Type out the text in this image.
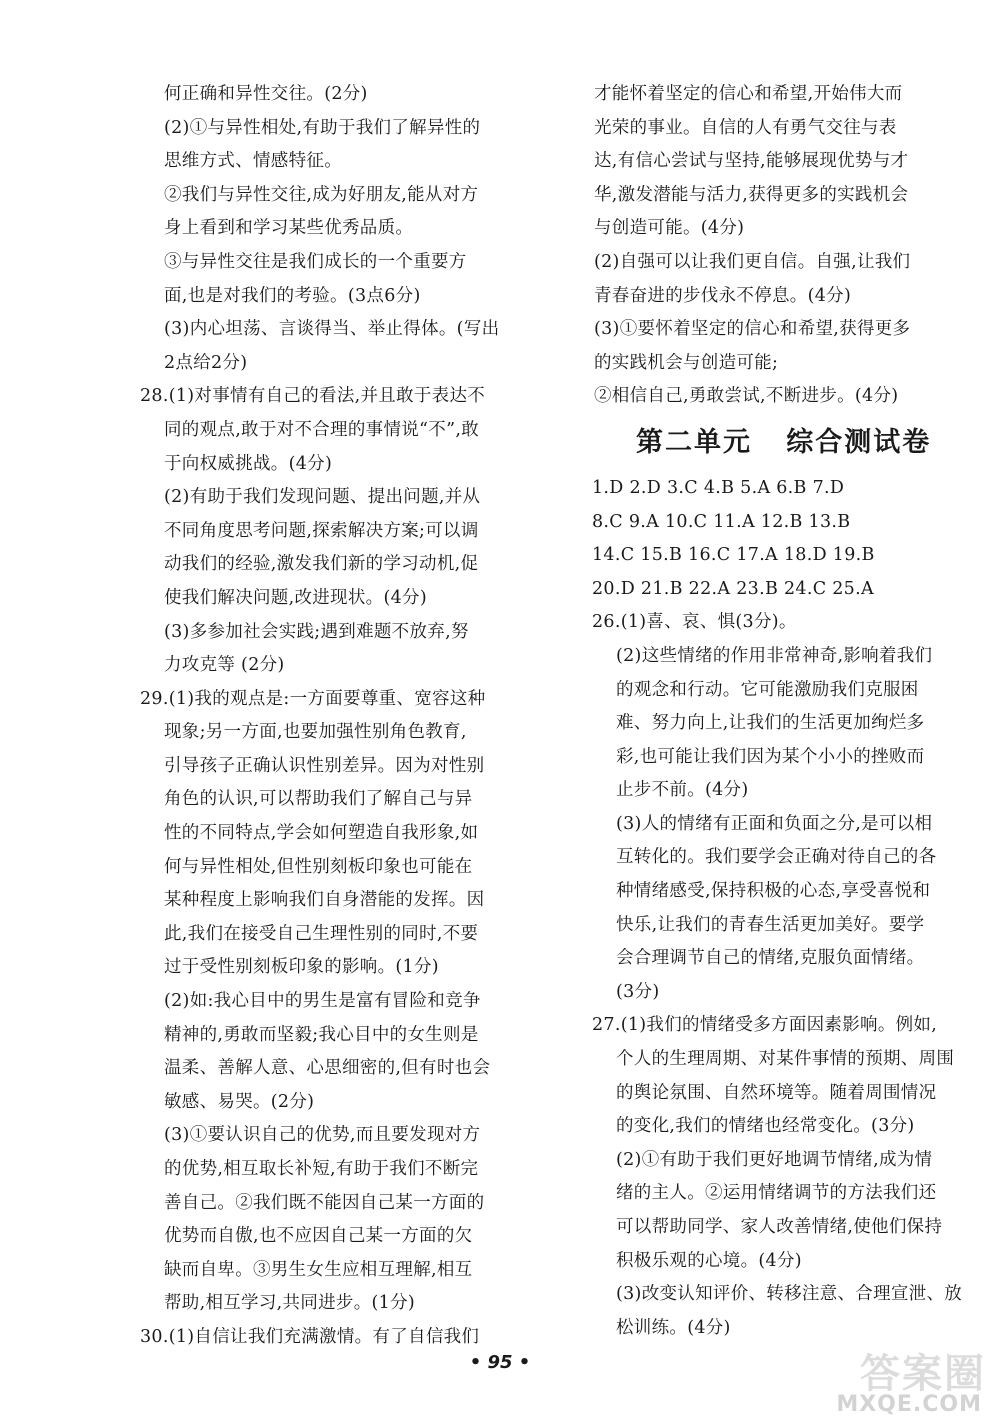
何正确和异性交往。(2分)
(2)①与异性相处,有助于我们了解异性的
思维方式、情感特征。
②我们与异性交往,成为好朋友,能从对方
身上看到和学习某些优秀品质。
③与异性交往是我们成长的一个重要方
面,也是对我们的考验。(3点6分)
(3)内心坦荡、言谈得当、举止得体。(写出
2点给2分)
28.(1)对事情有自己的看法,并且敢于表达不
同的观点,敢于对不合理的事情说“不”,敢
于向权威挑战。(4分)
(2)有助于我们发现问题、提出问题,并从
不同角度思考问题,探索解决方案;可以调
动我们的经验,激发我们新的学习动机,促
使我们解决问题,改进现状。(4分)
(3)多参加社会实践;遇到难题不放弃,努
力攻克等 (2分)
29.(1)我的观点是:一方面要尊重、宽容这种
现象;另一方面,也要加强性别角色教育,
引导孩子正确认识性别差异。因为对性别
角色的认识,可以帮助我们了解自己与异
性的不同特点,学会如何塑造自我形象,如
何与异性相处,但性别刻板印象也可能在
某种程度上影响我们自身潜能的发挥。因
此,我们在接受自己生理性别的同时,不要
过于受性别刻板印象的影响。(1分)
(2)如:我心目中的男生是富有冒险和竞争
精神的,勇敢而坚毅;我心目中的女生则是
温柔、善解人意、心思细密的,但有时也会
敏感、易哭。(2分)
(3)①要认识自己的优势,而且要发现对方
的优势,相互取长补短,有助于我们不断完
善自己。②我们既不能因自己某一方面的
优势而自傲,也不应因自己某一方面的欠
缺而自卑。③男生女生应相互理解,相互
帮助,相互学习,共同进步。(1分)
30.(1)自信让我们充满激情。有了自信我们
才能怀着坚定的信心和希望,开始伟大而
光荣的事业。自信的人有勇气交往与表
达,有信心尝试与坚持,能够展现优势与才
华,激发潜能与活力,获得更多的实践机会
与创造可能。(4分)
(2)自强可以让我们更自信。自强,让我们
青春奋进的步伐永不停息。(4分)
(3)①要怀着坚定的信心和希望,获得更多
的实践机会与创造可能;
②相信自己,勇敢尝试,不断进步。(4分)
第二单元   综合测试卷
1.D 2.D 3.C 4.B 5.A 6.B 7.D
8.C 9.A 10.C 11.A 12.B 13.B
14.C 15.B 16.C 17.A 18.D 19.B
20.D 21.B 22.A 23.B 24.C 25.A
26.(1)喜、哀、惧(3分)。
(2)这些情绪的作用非常神奇,影响着我们
的观念和行动。它可能激励我们克服困
难、努力向上,让我们的生活更加绚烂多
彩,也可能让我们因为某个小小的挫败而
止步不前。(4分)
(3)人的情绪有正面和负面之分,是可以相
互转化的。我们要学会正确对待自己的各
种情绪感受,保持积极的心态,享受喜悦和
快乐,让我们的青春生活更加美好。要学
会合理调节自己的情绪,克服负面情绪。
(3分)
27.(1)我们的情绪受多方面因素影响。例如,
个人的生理周期、对某件事情的预期、周围
的舆论氛围、自然环境等。随着周围情况
的变化,我们的情绪也经常变化。(3分)
(2)①有助于我们更好地调节情绪,成为情
绪的主人。②运用情绪调节的方法我们还
可以帮助同学、家人改善情绪,使他们保持
积极乐观的心境。(4分)
(3)改变认知评价、转移注意、合理宣泄、放
松训练。(4分)
• 95 •	答案圈
MXQE.COM
